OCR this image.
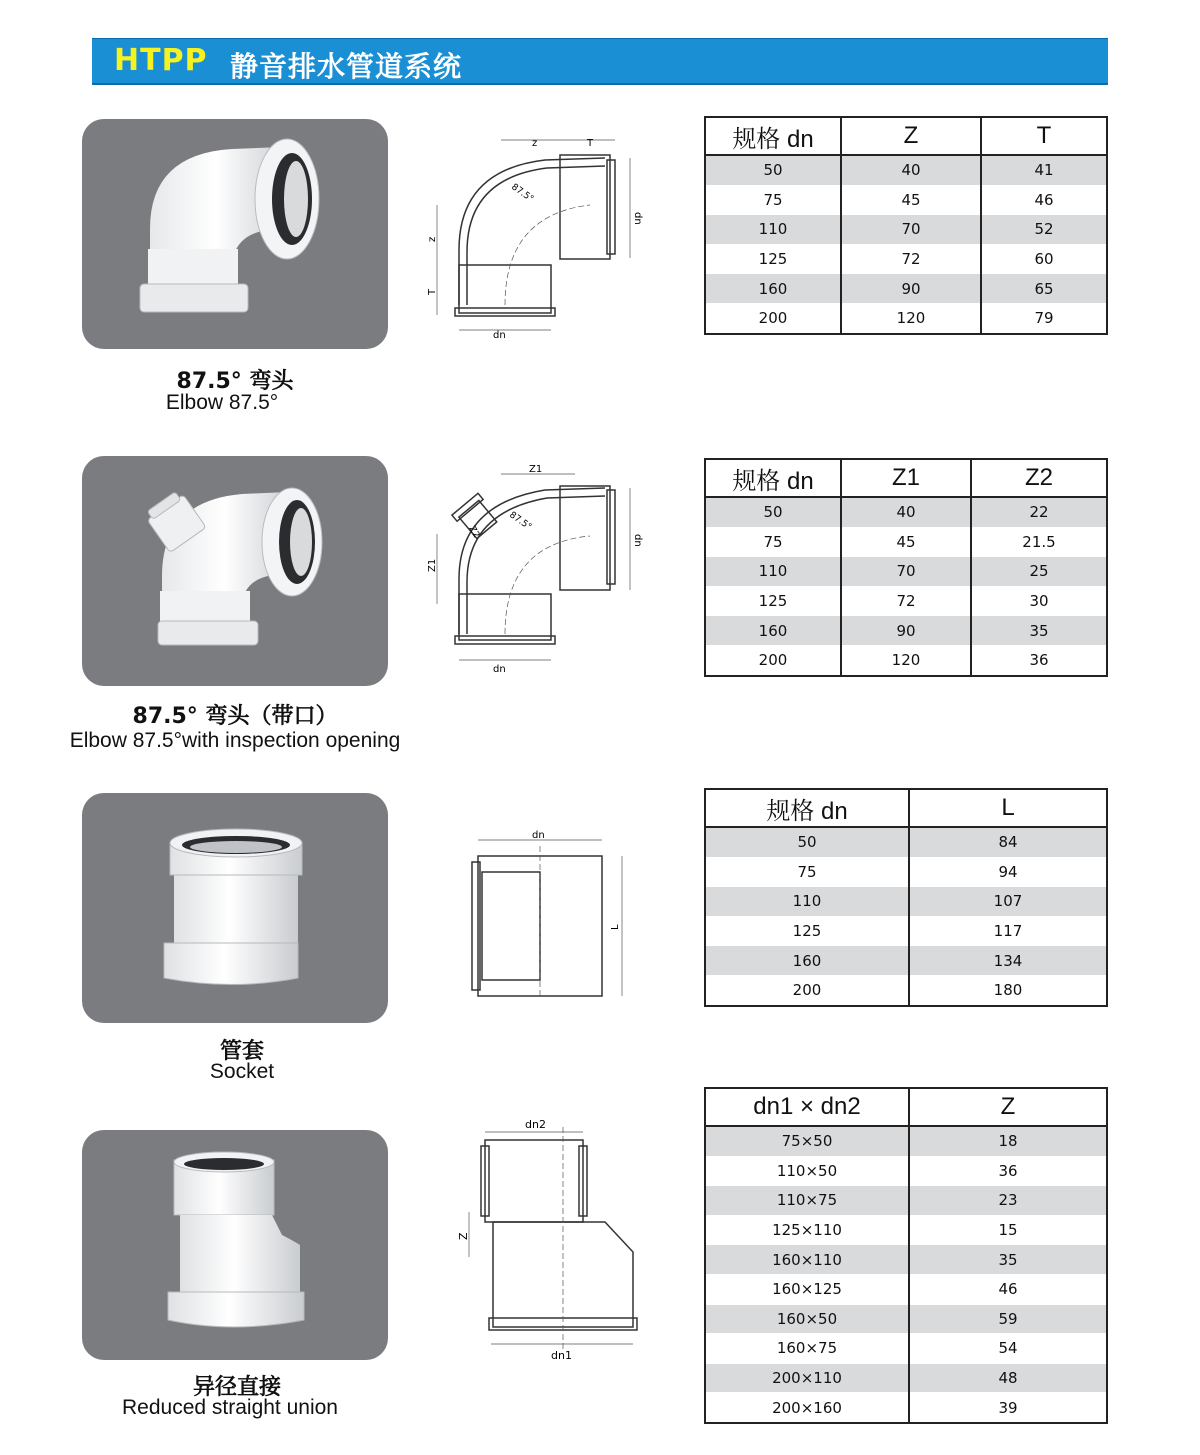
HTPP 静音排水管道系统
87.5° 弯头
Elbow 87.5°
z	T
87.5°
dn
dn
z
T
规格 dn	Z	T
50	40	41
75	45	46
110	70	52
125	72	60
160	90	65
200	120	79
87.5° 弯头（带口）
Elbow 87.5°with inspection opening
Z1
Z2	87.5°
dn
dn
Z1
规格 dn	Z1	Z2
50	40	22
75	45	21.5
110	70	25
125	72	30
160	90	35
200	120	36
管套
Socket
dn
L
规格 dn	L
50	84
75	94
110	107
125	117
160	134
200	180
异径直接
Reduced straight union
dn2
dn1
Z
dn1 × dn2	Z
75×50	18
110×50	36
110×75	23
125×110	15
160×110	35
160×125	46
160×50	59
160×75	54
200×110	48
200×160	39
